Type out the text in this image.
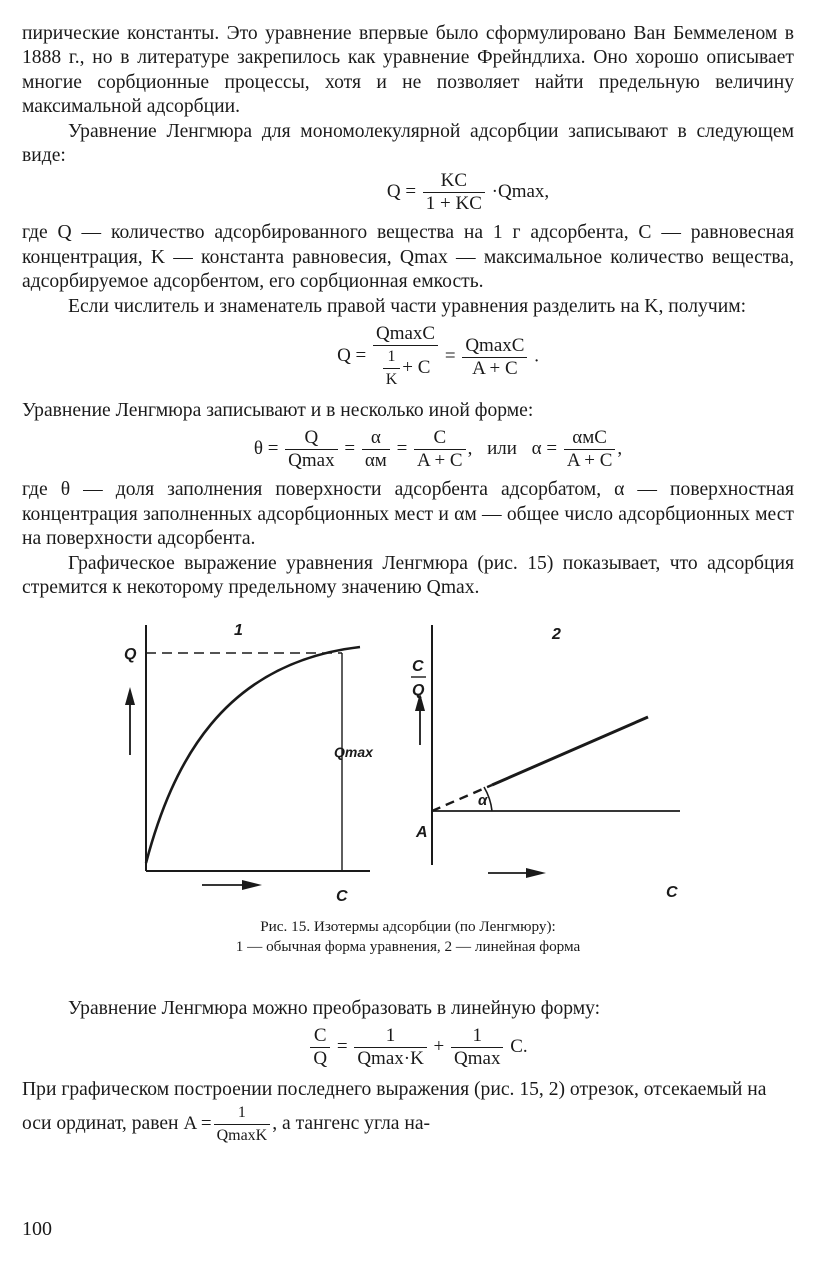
пирические константы. Это уравнение впервые было сформулировано Ван Беммеленом в 1888 г., но в литературе закрепилось как уравнение Фрейндлиха. Оно хорошо описывает многие сорбционные процессы, хотя и не позволяет найти предельную величину максимальной адсорбции.

Уравнение Ленгмюра для мономолекулярной адсорбции записывают в следующем виде:

$Q = \frac{KC}{1 + KC} \cdot Qmax$,

где Q — количество адсорбированного вещества на 1 г адсорбента, C — равновесная концентрация, K — константа равновесия, Qmax — максимальное количество вещества, адсорбируемое адсорбентом, его сорбционная емкость.

Если числитель и знаменатель правой части уравнения разделить на K, получим:

Q =
QmaxC
$\frac{1}{K} + C$
=
QmaxC
A + C
.

Уравнение Ленгмюра записывают и в несколько иной форме:

θ =
Q
Qmax
=
α
αм
= $\frac{C}{A + C}$ , или α =
αмC
A + C
,

где θ — доля заполнения поверхности адсорбента адсорбатом, α — поверхностная концентрация заполненных адсорбционных мест и αм — общее число адсорбционных мест на поверхности адсорбента.

Графическое выражение уравнения Ленгмюра (рис. 15) показывает, что адсорбция стремится к некоторому предельному значению Qmax.

1
Q
C
Qmax
2
C
Q
A
α
C
Рис. 15. Изотермы адсорбции (по Ленгмюру):
1 — обычная форма уравнения, 2 — линейная форма

Уравнение Ленгмюра можно преобразовать в линейную форму:

$\frac{C}{Q}$ =
1
Qmax·K
+
1
Qmax
C.

При графическом построении последнего выражения (рис. 15, 2) отрезок, отсекаемый на оси ординат, равен A =
1
QmaxK
, а тангенс угла на-

100
